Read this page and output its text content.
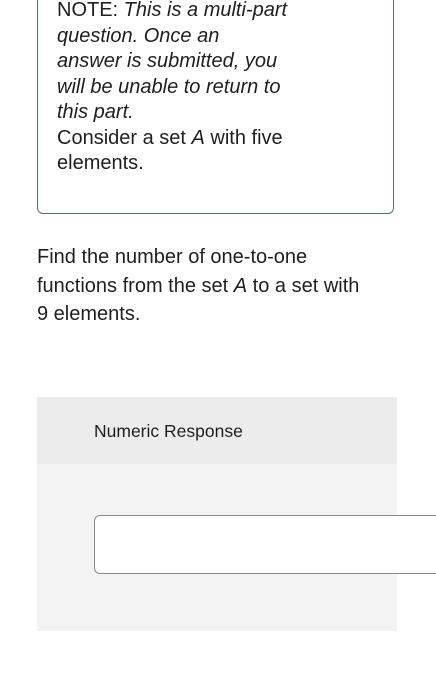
NOTE: This is a multi-part
question. Once an
answer is submitted, you
will be unable to return to
this part.
Consider a set A with five
elements.
Find the number of one-to-one
functions from the set A to a set with
9 elements.
Numeric Response
